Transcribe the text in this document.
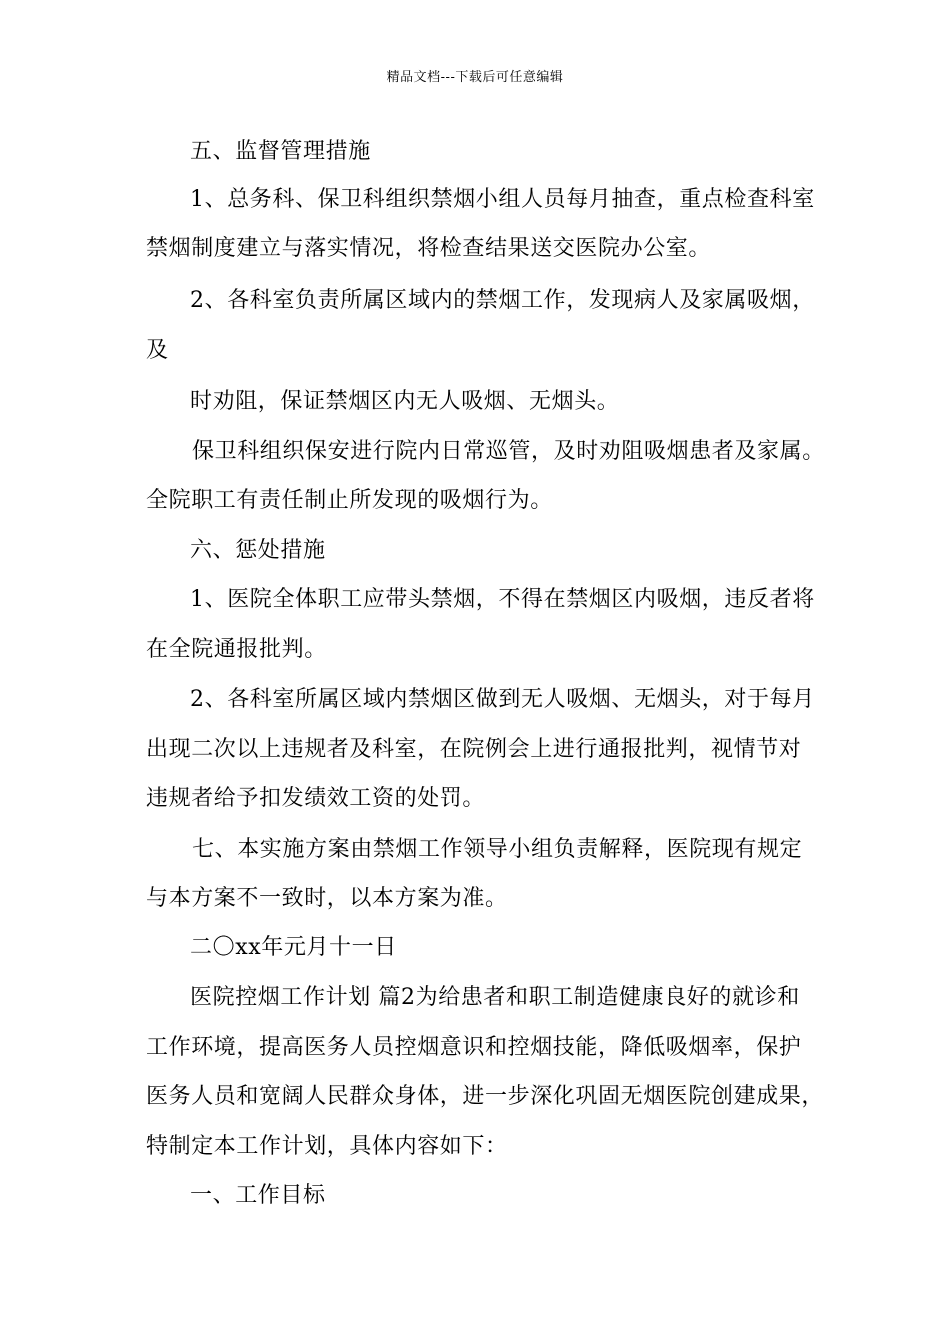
精品文档---下载后可任意编辑
五、监督管理措施
1、总务科、保卫科组织禁烟小组人员每月抽查，重点检查科室
禁烟制度建立与落实情况，将检查结果送交医院办公室。
2、各科室负责所属区域内的禁烟工作，发现病人及家属吸烟，
及
时劝阻，保证禁烟区内无人吸烟、无烟头。
保卫科组织保安进行院内日常巡管，及时劝阻吸烟患者及家属。
全院职工有责任制止所发现的吸烟行为。
六、惩处措施
1、医院全体职工应带头禁烟，不得在禁烟区内吸烟，违反者将
在全院通报批判。
2、各科室所属区域内禁烟区做到无人吸烟、无烟头，对于每月
出现二次以上违规者及科室，在院例会上进行通报批判，视情节对
违规者给予扣发绩效工资的处罚。
七、本实施方案由禁烟工作领导小组负责解释，医院现有规定
与本方案不一致时，以本方案为准。
二〇xx年元月十一日
医院控烟工作计划 篇2为给患者和职工制造健康良好的就诊和
工作环境，提高医务人员控烟意识和控烟技能，降低吸烟率，保护
医务人员和宽阔人民群众身体，进一步深化巩固无烟医院创建成果，
特制定本工作计划，具体内容如下：
一、工作目标
